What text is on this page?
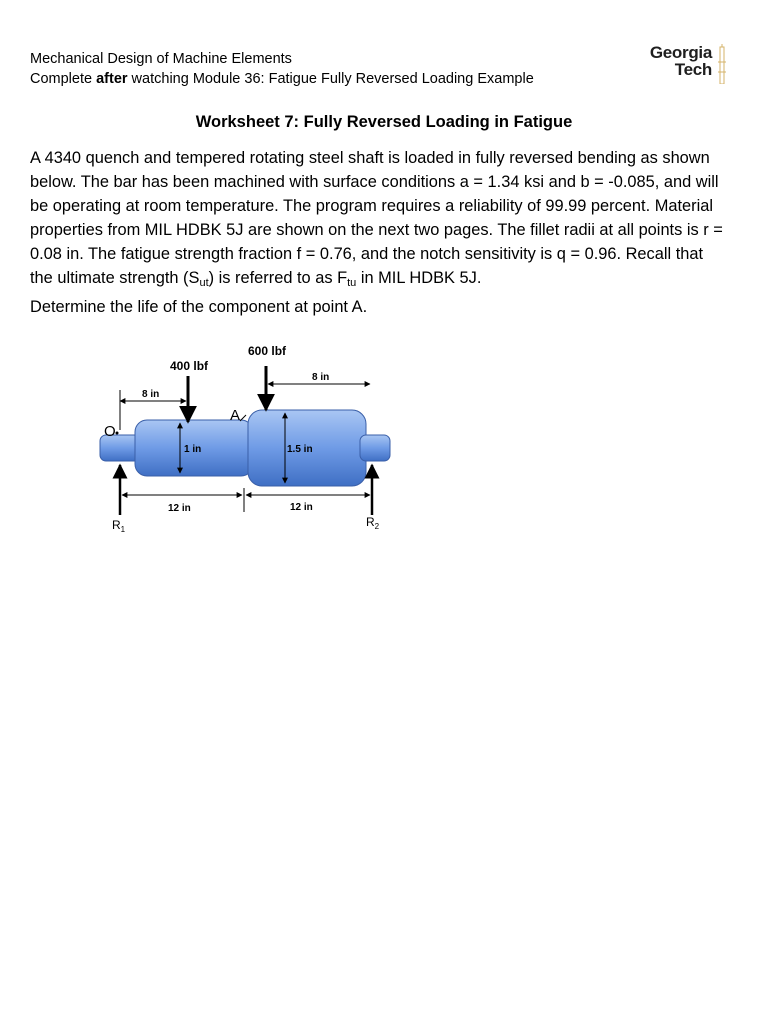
Mechanical Design of Machine Elements
Complete after watching Module 36: Fatigue Fully Reversed Loading Example
Georgia
Tech
Worksheet 7: Fully Reversed Loading in Fatigue

A 4340 quench and tempered rotating steel shaft is loaded in fully reversed bending as shown below. The bar has been machined with surface conditions a = 1.34 ksi and b = -0.085, and will be operating at room temperature. The program requires a reliability of 99.99 percent. Material properties from MIL HDBK 5J are shown on the next two pages. The fillet radii at all points is r = 0.08 in. The fatigue strength fraction f = 0.76, and the notch sensitivity is q = 0.96. Recall that the ultimate strength $(S_{ut})$ is referred to as $F_{tu}$ in MIL HDBK 5J.

Determine the life of the component at point A.

400 lbf
600 lbf
8 in
8 in
1 in	1.5 in
O
A
$R_1$
$R_2$
12 in	12 in
